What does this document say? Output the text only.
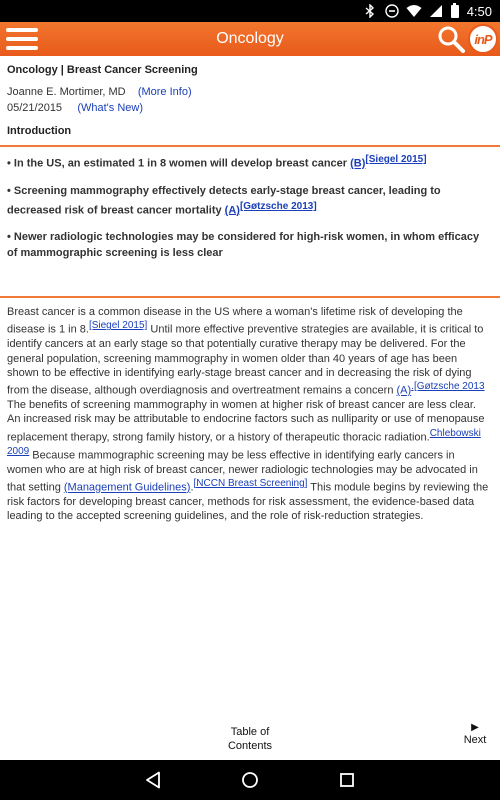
4:50
Oncology	inP
Oncology | Breast Cancer Screening
Joanne E. Mortimer, MD (More Info)
05/21/2015 (What's New)
Introduction
• In the US, an estimated 1 in 8 women will develop breast cancer (B)[Siegel 2015]
• Screening mammography effectively detects early-stage breast cancer, leading to decreased risk of breast cancer mortality (A)[Gøtzsche 2013]
• Newer radiologic technologies may be considered for high-risk women, in whom efficacy of mammographic screening is less clear
Breast cancer is a common disease in the US where a woman's lifetime risk of developing the disease is 1 in 8.[Siegel 2015] Until more effective preventive strategies are available, it is critical to identify cancers at an early stage so that potentially curative therapy may be delivered. For the general population, screening mammography in women older than 40 years of age has been shown to be effective in identifying early-stage breast cancer and in decreasing the risk of dying from the disease, although overdiagnosis and overtreatment remains a concern $(A)^{.[Gøtzsche 2013}$ The benefits of screening mammography in women at higher risk of breast cancer are less clear. An increased risk may be attributable to endocrine factors such as nulliparity or use of menopause replacement therapy, strong family history, or a history of therapeutic thoracic radiation.$^{Chlebowski 2009}$ Because mammographic screening may be less effective in identifying early cancers in women who are at high risk of breast cancer, newer radiologic technologies may be advocated in that setting (Management Guidelines).[NCCN Breast Screening] This module begins by reviewing the risk factors for developing breast cancer, methods for risk assessment, the evidence-based data leading to the accepted screening guidelines, and the role of risk-reduction strategies.
Table of Contents
▶
Next
